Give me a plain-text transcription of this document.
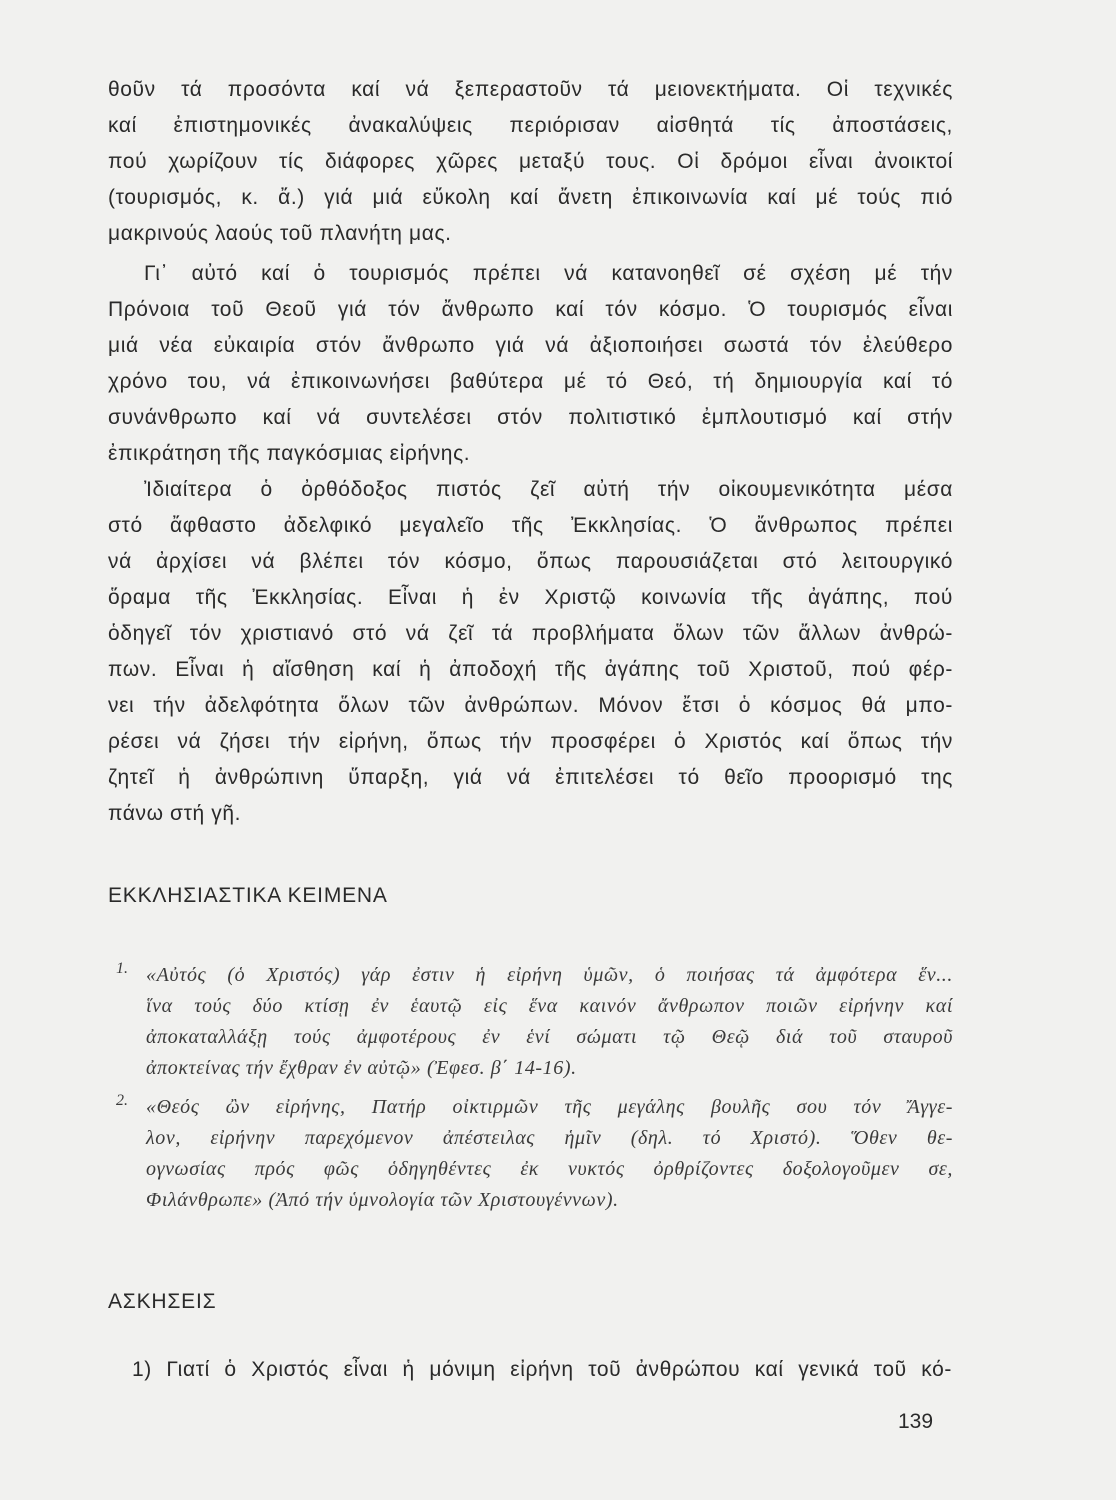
θοῦν τά προσόντα καί νά ξεπεραστοῦν τά μειονεκτήματα. Οἱ τεχνικές
καί ἐπιστημονικές ἀνακαλύψεις περιόρισαν αἰσθητά τίς ἀποστάσεις,
πού χωρίζουν τίς διάφορες χῶρες μεταξύ τους. Οἱ δρόμοι εἶναι ἀνοικτοί
(τουρισμός, κ. ἄ.) γιά μιά εὔκολη καί ἄνετη ἐπικοινωνία καί μέ τούς πιό
μακρινούς λαούς τοῦ πλανήτη μας.
Γι᾿ αὐτό καί ὁ τουρισμός πρέπει νά κατανοηθεῖ σέ σχέση μέ τήν
Πρόνοια τοῦ Θεοῦ γιά τόν ἄνθρωπο καί τόν κόσμο. Ὁ τουρισμός εἶναι
μιά νέα εὐκαιρία στόν ἄνθρωπο γιά νά ἀξιοποιήσει σωστά τόν ἐλεύθερο
χρόνο του, νά ἐπικοινωνήσει βαθύτερα μέ τό Θεό, τή δημιουργία καί τό
συνάνθρωπο καί νά συντελέσει στόν πολιτιστικό ἐμπλουτισμό καί στήν
ἐπικράτηση τῆς παγκόσμιας εἰρήνης.
Ἰδιαίτερα ὁ ὀρθόδοξος πιστός ζεῖ αὐτή τήν οἰκουμενικότητα μέσα
στό ἄφθαστο ἀδελφικό μεγαλεῖο τῆς Ἐκκλησίας. Ὁ ἄνθρωπος πρέπει
νά ἀρχίσει νά βλέπει τόν κόσμο, ὅπως παρουσιάζεται στό λειτουργικό
ὅραμα τῆς Ἐκκλησίας. Εἶναι ἡ ἐν Χριστῷ κοινωνία τῆς ἀγάπης, πού
ὁδηγεῖ τόν χριστιανό στό νά ζεῖ τά προβλήματα ὅλων τῶν ἄλλων ἀνθρώ-
πων. Εἶναι ἡ αἴσθηση καί ἡ ἀποδοχή τῆς ἀγάπης τοῦ Χριστοῦ, πού φέρ-
νει τήν ἀδελφότητα ὅλων τῶν ἀνθρώπων. Μόνον ἔτσι ὁ κόσμος θά μπο-
ρέσει νά ζήσει τήν εἰρήνη, ὅπως τήν προσφέρει ὁ Χριστός καί ὅπως τήν
ζητεῖ ἡ ἀνθρώπινη ὕπαρξη, γιά νά ἐπιτελέσει τό θεῖο προορισμό της
πάνω στή γῆ.
ΕΚΚΛΗΣΙΑΣΤΙΚΑ ΚΕΙΜΕΝΑ
1. «Αὐτός (ὁ Χριστός) γάρ ἐστιν ἡ εἰρήνη ὑμῶν, ὁ ποιήσας τά ἀμφότερα ἕν...
ἵνα τούς δύο κτίσῃ ἐν ἑαυτῷ εἰς ἕνα καινόν ἄνθρωπον ποιῶν εἰρήνην καί
ἀποκαταλλάξῃ τούς ἀμφοτέρους ἐν ἑνί σώματι τῷ Θεῷ διά τοῦ σταυροῦ
ἀποκτείνας τήν ἔχθραν ἐν αὐτῷ» (Ἐφεσ. β΄ 14-16).
2. «Θεός ὢν εἰρήνης, Πατήρ οἰκτιρμῶν τῆς μεγάλης βουλῆς σου τόν Ἄγγε-
λον, εἰρήνην παρεχόμενον ἀπέστειλας ἡμῖν (δηλ. τό Χριστό). Ὅθεν θε-
ογνωσίας πρός φῶς ὁδηγηθέντες ἐκ νυκτός ὀρθρίζοντες δοξολογοῦμεν σε,
Φιλάνθρωπε» (Ἀπό τήν ὑμνολογία τῶν Χριστουγέννων).
ΑΣΚΗΣΕΙΣ
1) Γιατί ὁ Χριστός εἶναι ἡ μόνιμη εἰρήνη τοῦ ἀνθρώπου καί γενικά τοῦ κό-
139
